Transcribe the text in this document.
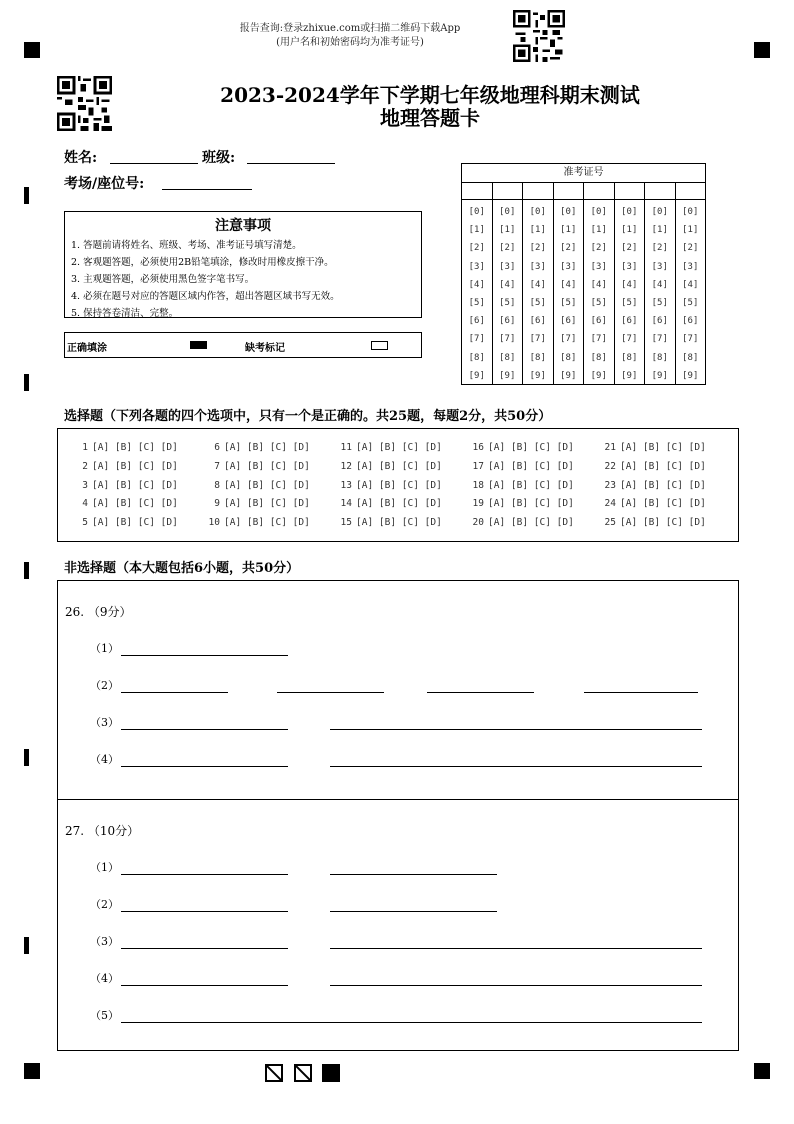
报告查询:登录zhixue.com或扫描二维码下载App
(用户名和初始密码均为准考证号)
2023-2024学年下学期七年级地理科期末测试
地理答题卡
姓名:	班级:
考场/座位号:
注意事项
1. 答题前请将姓名、班级、考场、准考证号填写清楚。
2. 客观题答题，必须使用2B铅笔填涂，修改时用橡皮擦干净。
3. 主观题答题，必须使用黑色签字笔书写。
4. 必须在题号对应的答题区域内作答，超出答题区域书写无效。
5. 保持答卷清洁、完整。
正确填涂	缺考标记
准考证号
[0]
[1]
[2]
[3]
[4]
[5]
[6]
[7]
[8]
[9]
[0]
[1]
[2]
[3]
[4]
[5]
[6]
[7]
[8]
[9]
[0]
[1]
[2]
[3]
[4]
[5]
[6]
[7]
[8]
[9]
[0]
[1]
[2]
[3]
[4]
[5]
[6]
[7]
[8]
[9]
[0]
[1]
[2]
[3]
[4]
[5]
[6]
[7]
[8]
[9]
[0]
[1]
[2]
[3]
[4]
[5]
[6]
[7]
[8]
[9]
[0]
[1]
[2]
[3]
[4]
[5]
[6]
[7]
[8]
[9]
[0]
[1]
[2]
[3]
[4]
[5]
[6]
[7]
[8]
[9]
选择题（下列各题的四个选项中，只有一个是正确的。共25题，每题2分，共50分）
1 [A] [B] [C] [D]
2 [A] [B] [C] [D]
3 [A] [B] [C] [D]
4 [A] [B] [C] [D]
5 [A] [B] [C] [D]
6 [A] [B] [C] [D]
7 [A] [B] [C] [D]
8 [A] [B] [C] [D]
9 [A] [B] [C] [D]
10 [A] [B] [C] [D]
11 [A] [B] [C] [D]
12 [A] [B] [C] [D]
13 [A] [B] [C] [D]
14 [A] [B] [C] [D]
15 [A] [B] [C] [D]
16 [A] [B] [C] [D]
17 [A] [B] [C] [D]
18 [A] [B] [C] [D]
19 [A] [B] [C] [D]
20 [A] [B] [C] [D]
21 [A] [B] [C] [D]
22 [A] [B] [C] [D]
23 [A] [B] [C] [D]
24 [A] [B] [C] [D]
25 [A] [B] [C] [D]
非选择题（本大题包括6小题，共50分）
26. （9分）
（1）
（2）
（3）
（4）
27. （10分）
（1）
（2）
（3）
（4）
（5）
